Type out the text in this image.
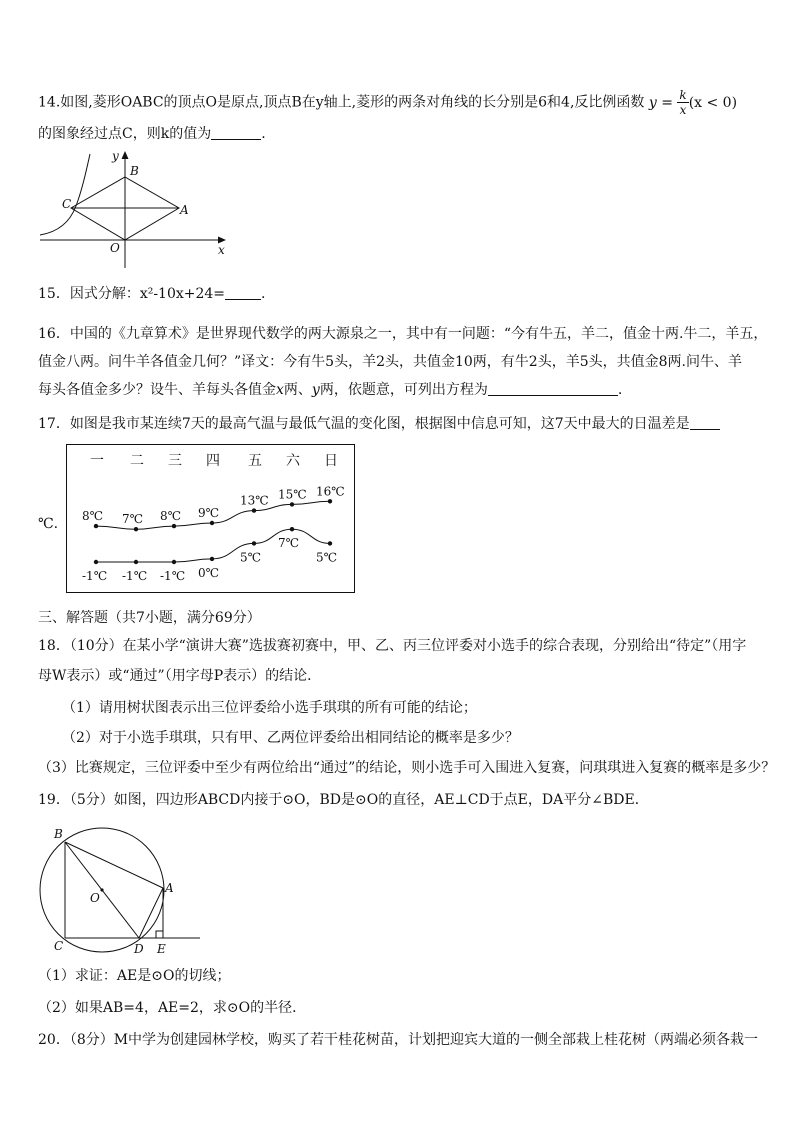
14.如图,菱形OABC的顶点O是原点,顶点B在y轴上,菱形的两条对角线的长分别是6和4,反比例函数 $y = \frac{k}{x} (x < 0)$
的图象经过点C，则k的值为	.
y
x
B
C	A
O
15．因式分解：x²-10x+24=	.
16．中国的《九章算术》是世界现代数学的两大源泉之一，其中有一问题：“今有牛五，羊二，值金十两.牛二，羊五，
值金八两。问牛羊各值金几何？”译文：今有牛5头，羊2头，共值金10两，有牛2头，羊5头，共值金8两.问牛、羊
每头各值金多少？设牛、羊每头各值金x两、y两，依题意，可列出方程为	.
17．如图是我市某连续7天的最高气温与最低气温的变化图，根据图中信息可知，这7天中最大的日温差是
℃.
一 二 三 四 五 六 日
8℃ 7℃ 8℃ 9℃
13℃ 15℃ 16℃
-1℃ -1℃ -1℃ 0℃
5℃
7℃
5℃
三、解答题（共7小题，满分69分）
18．（10分）在某小学“演讲大赛”选拔赛初赛中，甲、乙、丙三位评委对小选手的综合表现，分别给出“待定”（用字
母W表示）或“通过”（用字母P表示）的结论．
（1）请用树状图表示出三位评委给小选手琪琪的所有可能的结论；
（2）对于小选手琪琪，只有甲、乙两位评委给出相同结论的概率是多少？
（3）比赛规定，三位评委中至少有两位给出“通过”的结论，则小选手可入围进入复赛，问琪琪进入复赛的概率是多少？
19．（5分）如图，四边形ABCD内接于⊙O，BD是⊙O的直径，AE⊥CD于点E，DA平分∠BDE．
B
O
A
C	D E
（1）求证：AE是⊙O的切线；
（2）如果AB=4，AE=2，求⊙O的半径．
20．（8分）M中学为创建园林学校，购买了若干桂花树苗，计划把迎宾大道的一侧全部栽上桂花树（两端必须各栽一
